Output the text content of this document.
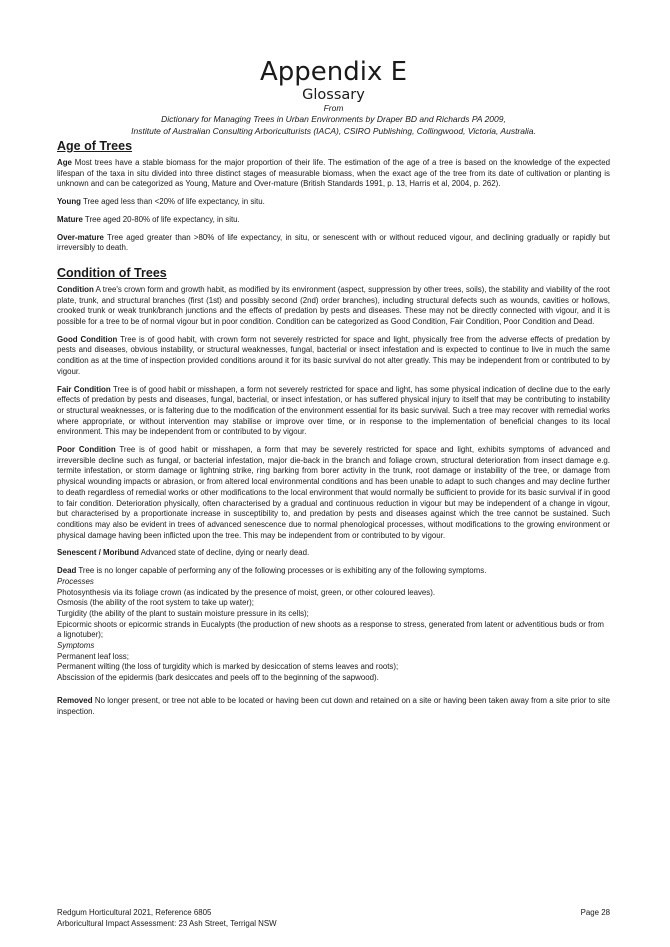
Appendix E
Glossary
From
Dictionary for Managing Trees in Urban Environments by Draper BD and Richards PA 2009,
Institute of Australian Consulting Arboriculturists (IACA), CSIRO Publishing, Collingwood, Victoria, Australia.
Age of Trees

Age Most trees have a stable biomass for the major proportion of their life. The estimation of the age of a tree is based on the knowledge of the expected lifespan of the taxa in situ divided into three distinct stages of measurable biomass, when the exact age of the tree from its date of cultivation or planting is unknown and can be categorized as Young, Mature and Over-mature (British Standards 1991, p. 13, Harris et al, 2004, p. 262).

Young Tree aged less than <20% of life expectancy, in situ.

Mature Tree aged 20-80% of life expectancy, in situ.

Over-mature Tree aged greater than >80% of life expectancy, in situ, or senescent with or without reduced vigour, and declining gradually or rapidly but irreversibly to death.

Condition of Trees

Condition A tree's crown form and growth habit, as modified by its environment (aspect, suppression by other trees, soils), the stability and viability of the root plate, trunk, and structural branches (first (1st) and possibly second (2nd) order branches), including structural defects such as wounds, cavities or hollows, crooked trunk or weak trunk/branch junctions and the effects of predation by pests and diseases. These may not be directly connected with vigour, and it is possible for a tree to be of normal vigour but in poor condition. Condition can be categorized as Good Condition, Fair Condition, Poor Condition and Dead.

Good Condition Tree is of good habit, with crown form not severely restricted for space and light, physically free from the adverse effects of predation by pests and diseases, obvious instability, or structural weaknesses, fungal, bacterial or insect infestation and is expected to continue to live in much the same condition as at the time of inspection provided conditions around it for its basic survival do not alter greatly. This may be independent from or contributed to by vigour.

Fair Condition Tree is of good habit or misshapen, a form not severely restricted for space and light, has some physical indication of decline due to the early effects of predation by pests and diseases, fungal, bacterial, or insect infestation, or has suffered physical injury to itself that may be contributing to instability or structural weaknesses, or is faltering due to the modification of the environment essential for its basic survival. Such a tree may recover with remedial works where appropriate, or without intervention may stabilise or improve over time, or in response to the implementation of beneficial changes to its local environment. This may be independent from or contributed to by vigour.

Poor Condition Tree is of good habit or misshapen, a form that may be severely restricted for space and light, exhibits symptoms of advanced and irreversible decline such as fungal, or bacterial infestation, major die-back in the branch and foliage crown, structural deterioration from insect damage e.g. termite infestation, or storm damage or lightning strike, ring barking from borer activity in the trunk, root damage or instability of the tree, or damage from physical wounding impacts or abrasion, or from altered local environmental conditions and has been unable to adapt to such changes and may decline further to death regardless of remedial works or other modifications to the local environment that would normally be sufficient to provide for its basic survival if in good to fair condition. Deterioration physically, often characterised by a gradual and continuous reduction in vigour but may be independent of a change in vigour, but characterised by a proportionate increase in susceptibility to, and predation by pests and diseases against which the tree cannot be sustained. Such conditions may also be evident in trees of advanced senescence due to normal phenological processes, without modifications to the growing environment or physical damage having been inflicted upon the tree. This may be independent from or contributed to by vigour.

Senescent / Moribund Advanced state of decline, dying or nearly dead.

Dead Tree is no longer capable of performing any of the following processes or is exhibiting any of the following symptoms.
Processes
Photosynthesis via its foliage crown (as indicated by the presence of moist, green, or other coloured leaves).
Osmosis (the ability of the root system to take up water);
Turgidity (the ability of the plant to sustain moisture pressure in its cells);
Epicormic shoots or epicormic strands in Eucalypts (the production of new shoots as a response to stress, generated from latent or adventitious buds or from a lignotuber);
Symptoms
Permanent leaf loss;
Permanent wilting (the loss of turgidity which is marked by desiccation of stems leaves and roots);
Abscission of the epidermis (bark desiccates and peels off to the beginning of the sapwood).

Removed No longer present, or tree not able to be located or having been cut down and retained on a site or having been taken away from a site prior to site inspection.

Redgum Horticultural 2021, Reference 6805
Arboricultural Impact Assessment: 23 Ash Street, Terrigal NSW
Page 28
